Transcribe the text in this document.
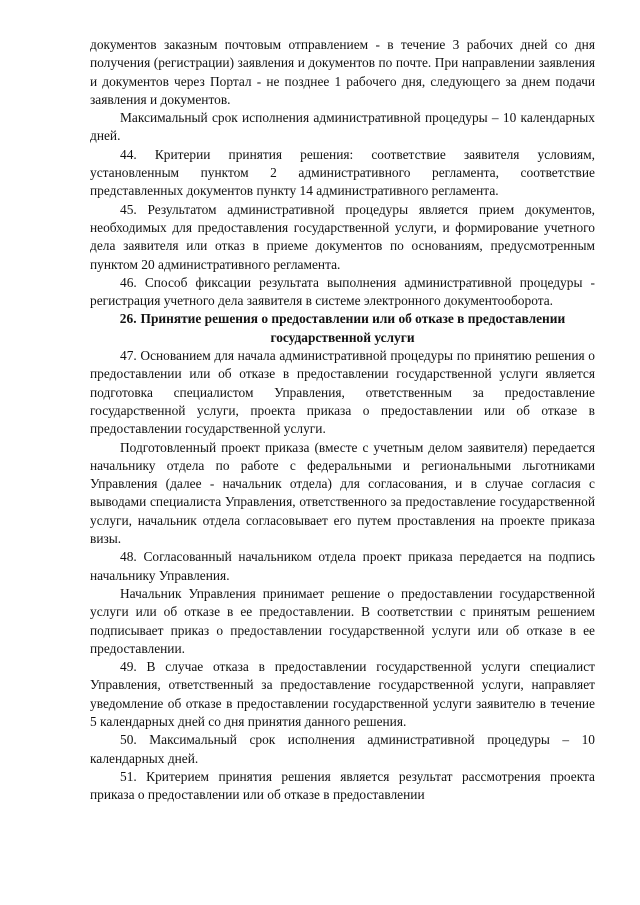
документов заказным почтовым отправлением - в течение 3 рабочих дней со дня получения (регистрации) заявления и документов по почте. При направлении заявления и документов через Портал - не позднее 1 рабочего дня, следующего за днем подачи заявления и документов.

Максимальный срок исполнения административной процедуры – 10 календарных дней.

44. Критерии принятия решения: соответствие заявителя условиям, установленным пунктом 2 административного регламента, соответствие представленных документов пункту 14 административного регламента.

45. Результатом административной процедуры является прием документов, необходимых для предоставления государственной услуги, и формирование учетного дела заявителя или отказ в приеме документов по основаниям, предусмотренным пунктом 20 административного регламента.

46. Способ фиксации результата выполнения административной процедуры - регистрация учетного дела заявителя в системе электронного документооборота.

26. Принятие решения о предоставлении или об отказе в предоставлении государственной услуги

47. Основанием для начала административной процедуры по принятию решения о предоставлении или об отказе в предоставлении государственной услуги является подготовка специалистом Управления, ответственным за предоставление государственной услуги, проекта приказа о предоставлении или об отказе в предоставлении государственной услуги.

Подготовленный проект приказа (вместе с учетным делом заявителя) передается начальнику отдела по работе с федеральными и региональными льготниками Управления (далее - начальник отдела) для согласования, и в случае согласия с выводами специалиста Управления, ответственного за предоставление государственной услуги, начальник отдела согласовывает его путем проставления на проекте приказа визы.

48. Согласованный начальником отдела проект приказа передается на подпись начальнику Управления.

Начальник Управления принимает решение о предоставлении государственной услуги или об отказе в ее предоставлении. В соответствии с принятым решением подписывает приказ о предоставлении государственной услуги или об отказе в ее предоставлении.

49. В случае отказа в предоставлении государственной услуги специалист Управления, ответственный за предоставление государственной услуги, направляет уведомление об отказе в предоставлении государственной услуги заявителю в течение 5 календарных дней со дня принятия данного решения.

50. Максимальный срок исполнения административной процедуры – 10 календарных дней.

51. Критерием принятия решения является результат рассмотрения проекта приказа о предоставлении или об отказе в предоставлении
